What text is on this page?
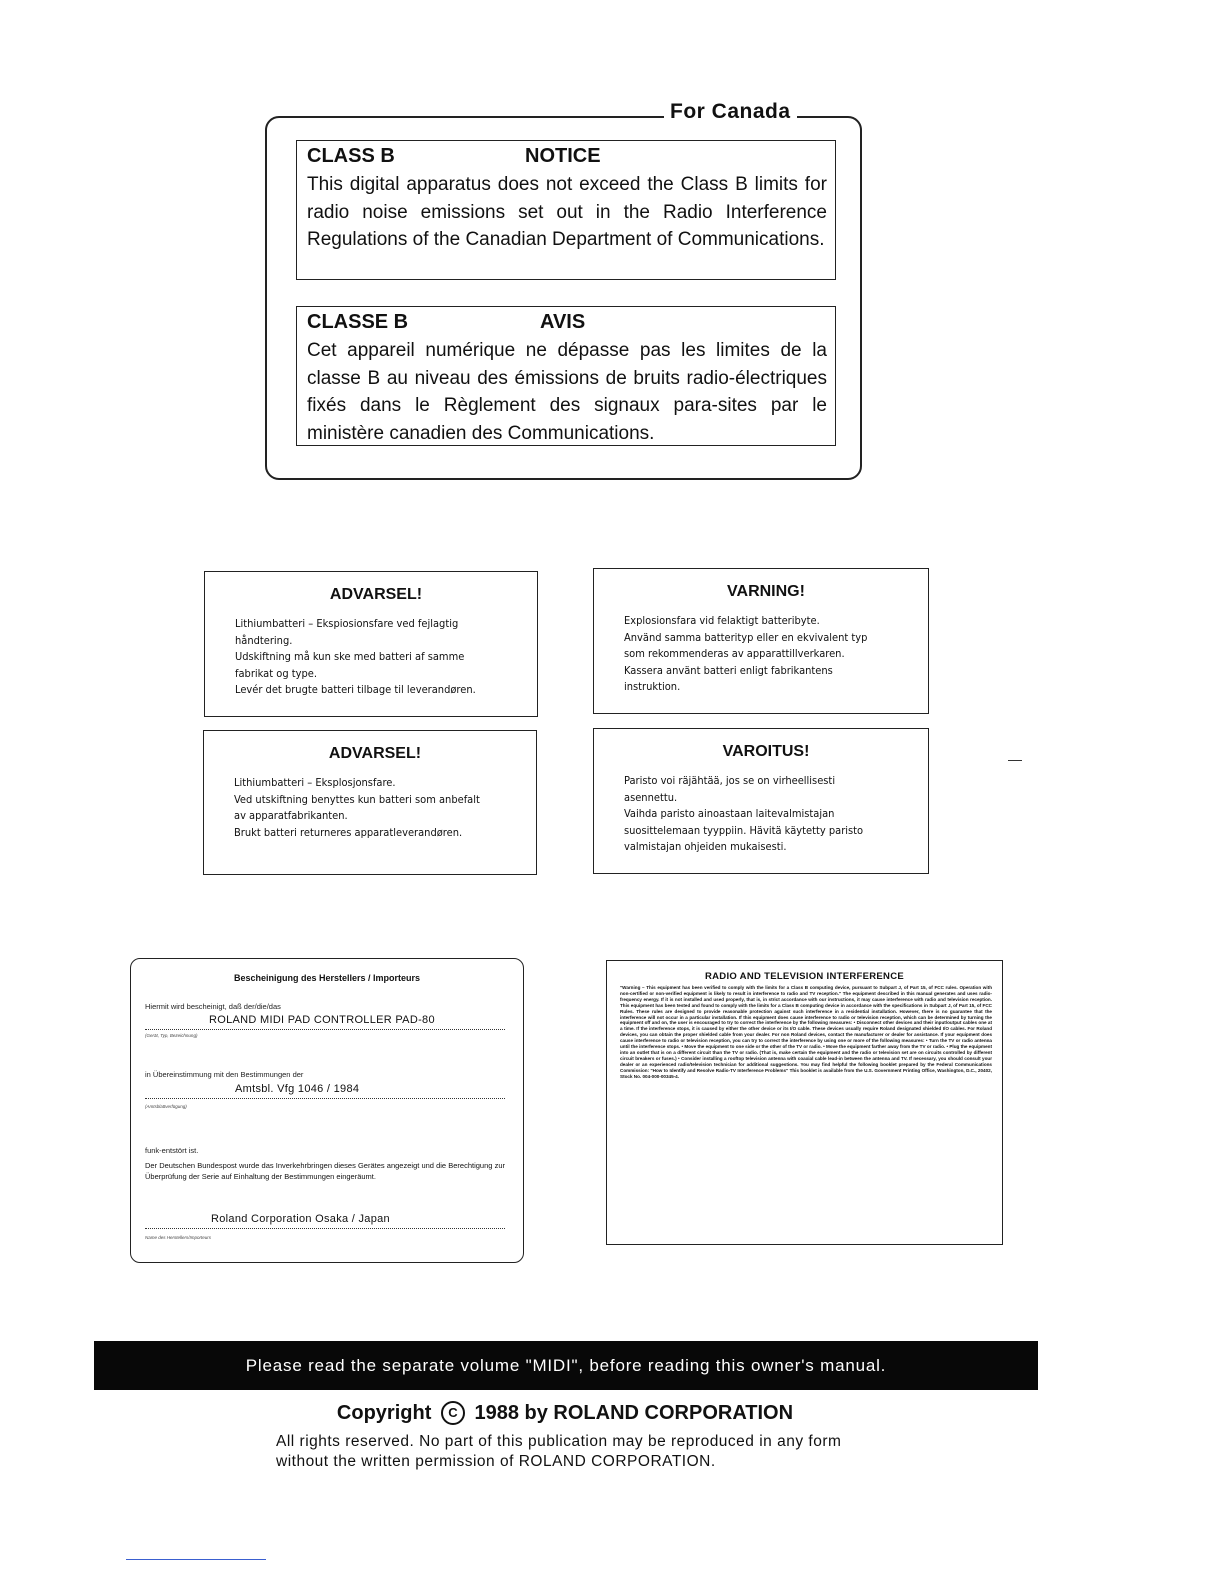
For Canada
CLASS B	NOTICE
This digital apparatus does not exceed the Class B limits for radio noise emissions set out in the Radio Interference Regulations of the Canadian Department of Communications.
CLASSE B	AVIS
Cet appareil numérique ne dépasse pas les limites de la classe B au niveau des émissions de bruits radio-électriques fixés dans le Règlement des signaux para-sites par le ministère canadien des Communications.
ADVARSEL!
Lithiumbatteri – Ekspiosionsfare ved fejlagtig
håndtering.
Udskiftning må kun ske med batteri af samme
fabrikat og type.
Levér det brugte batteri tilbage til leverandøren.
VARNING!
Explosionsfara vid felaktigt batteribyte.
Använd samma batterityp eller en ekvivalent typ
som rekommenderas av apparattillverkaren.
Kassera använt batteri enligt fabrikantens
instruktion.
ADVARSEL!
Lithiumbatteri – Eksplosjonsfare.
Ved utskiftning benyttes kun batteri som anbefalt
av apparatfabrikanten.
Brukt batteri returneres apparatleverandøren.
VAROITUS!
Paristo voi räjähtää, jos se on virheellisesti
asennettu.
Vaihda paristo ainoastaan laitevalmistajan
suosittelemaan tyyppiin. Hävitä käytetty paristo
valmistajan ohjeiden mukaisesti.
Bescheinigung des Herstellers / Importeurs
Hiermit wird bescheinigt, daß der/die/das
ROLAND MIDI PAD CONTROLLER PAD-80
(Gerät, Typ, Bezeichnung)
in Übereinstimmung mit den Bestimmungen der
Amtsbl. Vfg 1046 / 1984
(Amtsblattverfügung)
funk-entstört ist.
Der Deutschen Bundespost wurde das Inverkehrbringen dieses Gerätes angezeigt und die Berechtigung zur Überprüfung der Serie auf Einhaltung der Bestimmungen eingeräumt.
Roland Corporation Osaka / Japan
Name des Herstellers/Importeurs
RADIO AND TELEVISION INTERFERENCE
"Warning – This equipment has been verified to comply with the limits for a Class B computing device, pursuant to Subpart J, of Part 15, of FCC rules. Operation with non-certified or non-verified equipment is likely to result in interference to radio and TV reception." The equipment described in this manual generates and uses radio-frequency energy. If it is not installed and used properly, that is, in strict accordance with our instructions, it may cause interference with radio and television reception. This equipment has been tested and found to comply with the limits for a Class B computing device in accordance with the specifications in Subpart J, of Part 15, of FCC Rules. These rules are designed to provide reasonable protection against such interference in a residential installation. However, there is no guarantee that the interference will not occur in a particular installation. If this equipment does cause interference to radio or television reception, which can be determined by turning the equipment off and on, the user is encouraged to try to correct the interference by the following measures: • Disconnect other devices and their input/output cables one at a time. If the interference stops, it is caused by either the other device or its I/O cable. These devices usually require Roland designated shielded I/O cables. For Roland devices, you can obtain the proper shielded cable from your dealer. For non Roland devices, contact the manufacturer or dealer for assistance. If your equipment does cause interference to radio or television reception, you can try to correct the interference by using one or more of the following measures: • Turn the TV or radio antenna until the interference stops. • Move the equipment to one side or the other of the TV or radio. • Move the equipment farther away from the TV or radio. • Plug the equipment into an outlet that is on a different circuit than the TV or radio. (That is, make certain the equipment and the radio or television set are on circuits controlled by different circuit breakers or fuses.) • Consider installing a rooftop television antenna with coaxial cable lead-in between the antenna and TV. If necessary, you should consult your dealer or an experienced radio/television technician for additional suggestions. You may find helpful the following booklet prepared by the Federal Communications Commission: "How to Identify and Resolve Radio-TV Interference Problems" This booklet is available from the U.S. Government Printing Office, Washington, D.C., 20402, Stock No. 004-000-00345-4.
Please read the separate volume "MIDI", before reading this owner's manual.
Copyright C 1988 by ROLAND CORPORATION
All rights reserved. No part of this publication may be reproduced in any form without the written permission of ROLAND CORPORATION.
